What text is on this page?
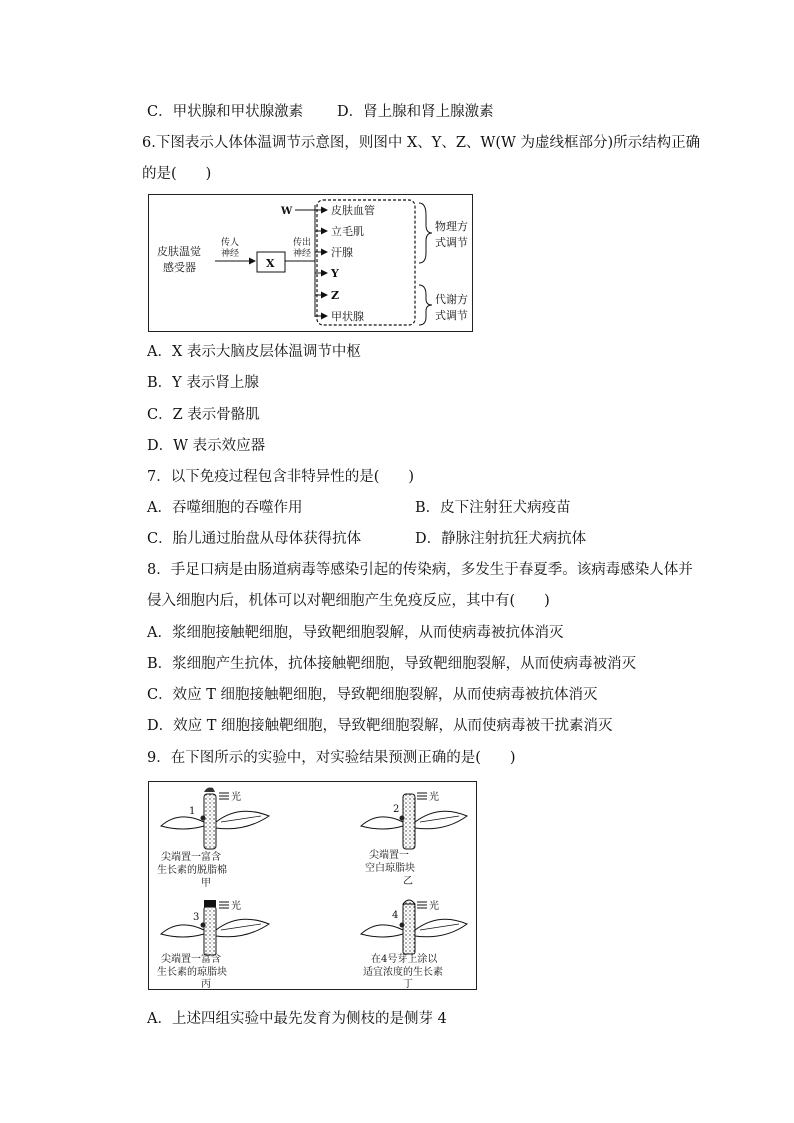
C．甲状腺和甲状腺激素 D．肾上腺和肾上腺激素
6.下图表示人体体温调节示意图，则图中 X、Y、Z、W(W 为虚线框部分)所示结构正确
的是(　　)
皮肤温觉
感受器
传人
神经
X
传出
神经
W	皮肤血管
立毛肌
汗腺
Y
Z
甲状腺
物理方
式调节
代谢方
式调节
A．X 表示大脑皮层体温调节中枢
B．Y 表示肾上腺
C．Z 表示骨骼肌
D．W 表示效应器
7．以下免疫过程包含非特异性的是(　　)
A．吞噬细胞的吞噬作用	B．皮下注射狂犬病疫苗
C．胎儿通过胎盘从母体获得抗体	D．静脉注射抗狂犬病抗体
8．手足口病是由肠道病毒等感染引起的传染病，多发生于春夏季。该病毒感染人体并
侵入细胞内后，机体可以对靶细胞产生免疫反应，其中有(　　)
A．浆细胞接触靶细胞，导致靶细胞裂解，从而使病毒被抗体消灭
B．浆细胞产生抗体，抗体接触靶细胞，导致靶细胞裂解，从而使病毒被消灭
C．效应 T 细胞接触靶细胞，导致靶细胞裂解，从而使病毒被抗体消灭
D．效应 T 细胞接触靶细胞，导致靶细胞裂解，从而使病毒被干扰素消灭
9．在下图所示的实验中，对实验结果预测正确的是(　　)
1
光
尖端置一富含
生长素的脱脂棉
甲
2
光
尖端置一
空白琼脂块
乙
3
光
尖端置一富含
生长素的琼脂块
丙
4
光
在4号芽上涂以
适宜浓度的生长素
丁
A．上述四组实验中最先发育为侧枝的是侧芽 4
